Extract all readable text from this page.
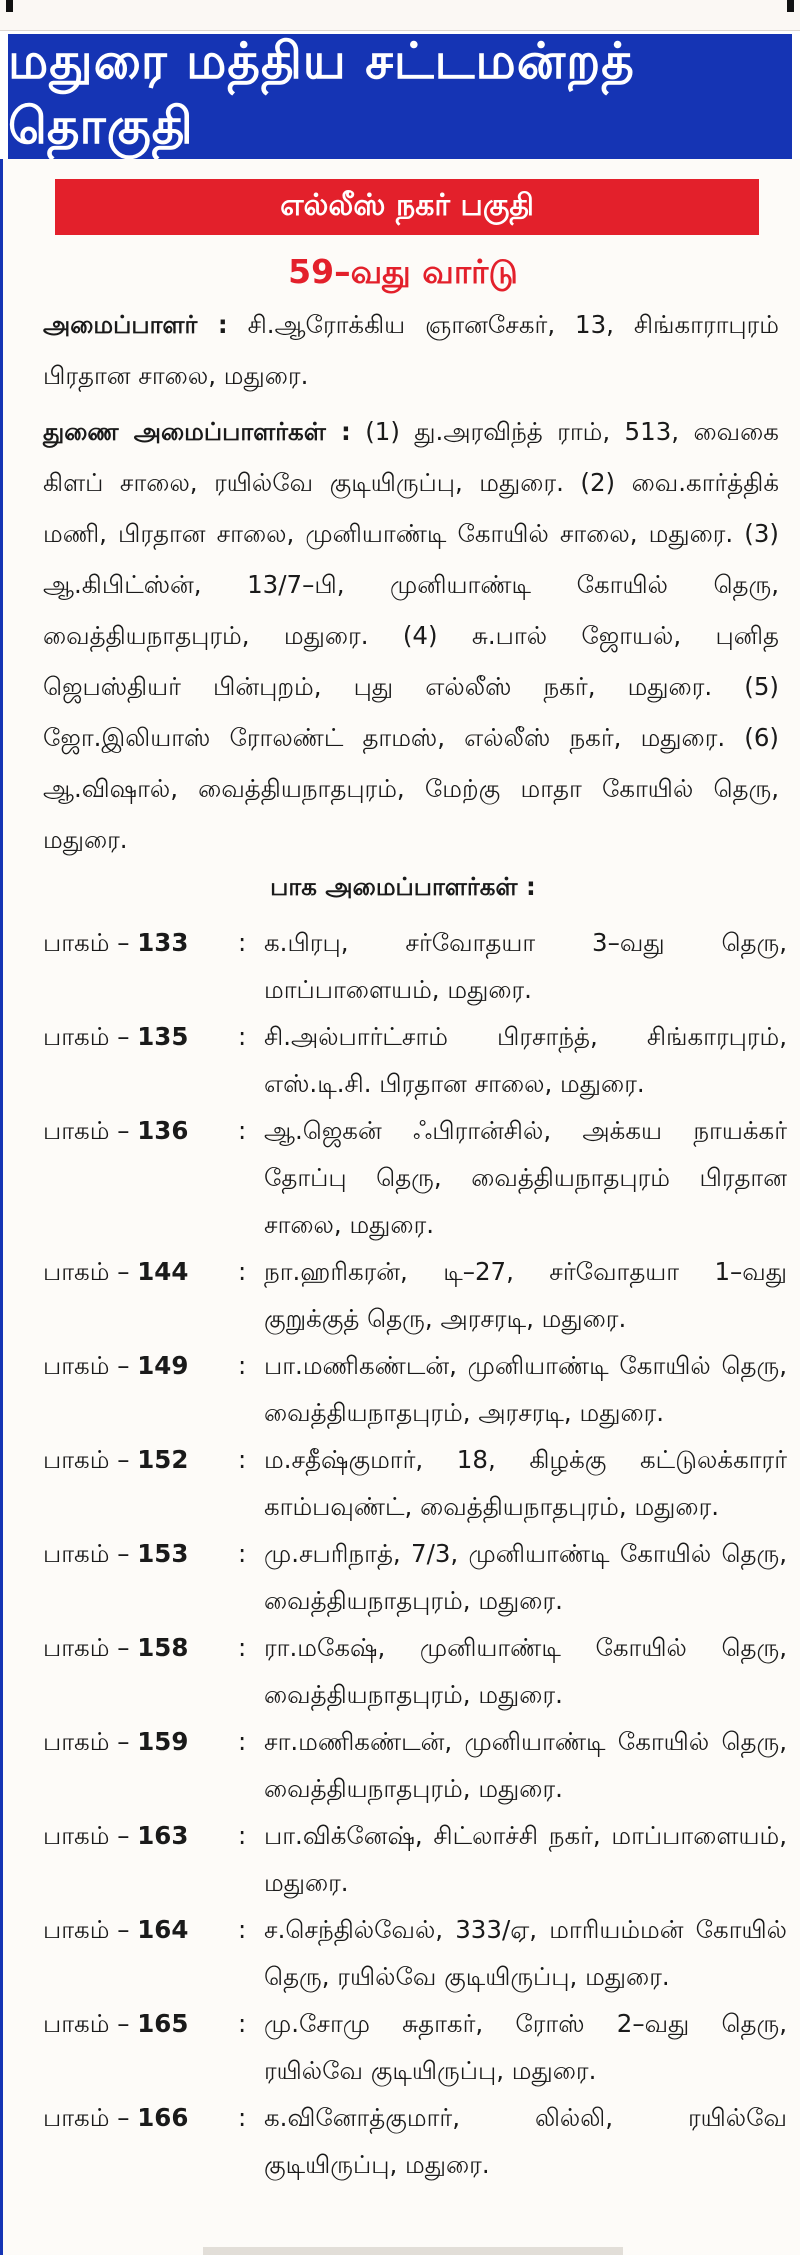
மதுரை மத்திய சட்டமன்றத் தொகுதி
எல்லீஸ் நகர் பகுதி
59–வது வார்டு
அமைப்பாளர் : சி.ஆரோக்கிய ஞானசேகர், 13, சிங்காராபுரம் பிரதான சாலை, மதுரை.
துணை அமைப்பாளர்கள் : (1) து.அரவிந்த் ராம், 513, வைகை கிளப் சாலை, ரயில்வே குடியிருப்பு, மதுரை. (2) வை.கார்த்திக் மணி, பிரதான சாலை, முனியாண்டி கோயில் சாலை, மதுரை. (3) ஆ.கிபிட்ஸ்ன், 13/7–பி, முனியாண்டி கோயில் தெரு, வைத்தியநாதபுரம், மதுரை. (4) சு.பால் ஜோயல், புனித ஜெபஸ்தியர் பின்புறம், புது எல்லீஸ் நகர், மதுரை. (5) ஜோ.இலியாஸ் ரோலண்ட் தாமஸ், எல்லீஸ் நகர், மதுரை. (6) ஆ.விஷால், வைத்தியநாதபுரம், மேற்கு மாதா கோயில் தெரு, மதுரை.
பாக அமைப்பாளர்கள் :
பாகம் – 133	: க.பிரபு, சர்வோதயா 3–வது தெரு, மாப்பாளையம், மதுரை.
பாகம் – 135	: சி.அல்பார்ட்சாம் பிரசாந்த், சிங்காரபுரம், எஸ்.டி.சி. பிரதான சாலை, மதுரை.
பாகம் – 136	: ஆ.ஜெகன் ஃபிரான்சில், அக்கய நாயக்கர் தோப்பு தெரு, வைத்தியநாதபுரம் பிரதான சாலை, மதுரை.
பாகம் – 144	: நா.ஹரிகரன், டி–27, சர்வோதயா 1–வது குறுக்குத் தெரு, அரசரடி, மதுரை.
பாகம் – 149	: பா.மணிகண்டன், முனியாண்டி கோயில் தெரு, வைத்தியநாதபுரம், அரசரடி, மதுரை.
பாகம் – 152	: ம.சதீஷ்குமார், 18, கிழக்கு கட்டுலக்காரர் காம்பவுண்ட், வைத்தியநாதபுரம், மதுரை.
பாகம் – 153	: மு.சபரிநாத், 7/3, முனியாண்டி கோயில் தெரு, வைத்தியநாதபுரம், மதுரை.
பாகம் – 158	: ரா.மகேஷ், முனியாண்டி கோயில் தெரு, வைத்தியநாதபுரம், மதுரை.
பாகம் – 159	: சா.மணிகண்டன், முனியாண்டி கோயில் தெரு, வைத்தியநாதபுரம், மதுரை.
பாகம் – 163	: பா.விக்னேஷ், சிட்லாச்சி நகர், மாப்பாளையம், மதுரை.
பாகம் – 164	: ச.செந்தில்வேல், 333/ஏ, மாரியம்மன் கோயில் தெரு, ரயில்வே குடியிருப்பு, மதுரை.
பாகம் – 165	: மு.சோமு சுதாகர், ரோஸ் 2–வது தெரு, ரயில்வே குடியிருப்பு, மதுரை.
பாகம் – 166	: க.வினோத்குமார், லில்லி, ரயில்வே குடியிருப்பு, மதுரை.
